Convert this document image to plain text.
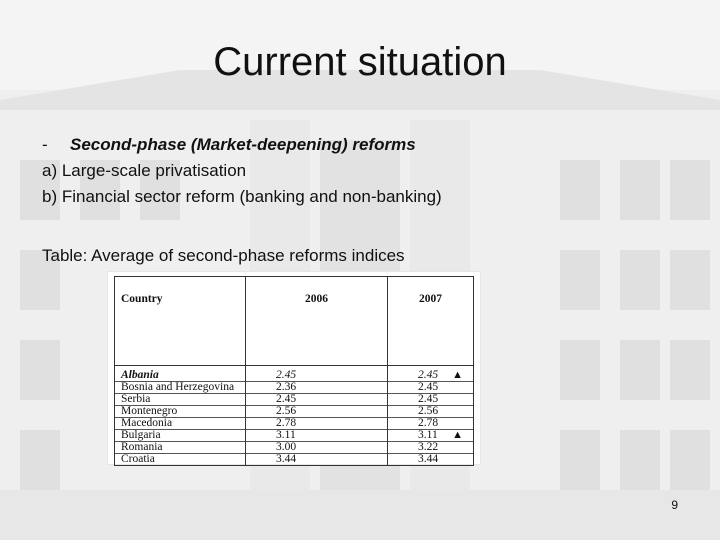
Current situation
- Second-phase (Market-deepening) reforms
a) Large-scale privatisation
b) Financial sector reform (banking and non-banking)
Table: Average of second-phase reforms indices
Country	2006	2007
Albania	2.45	2.45 ▲

Bosnia and Herzegovina	2.36	2.45
Serbia	2.45	2.45
Montenegro	2.56	2.56
Macedonia	2.78	2.78
Bulgaria	3.11	3.11 ▲

Romania	3.00	3.22
Croatia	3.44	3.44
9
